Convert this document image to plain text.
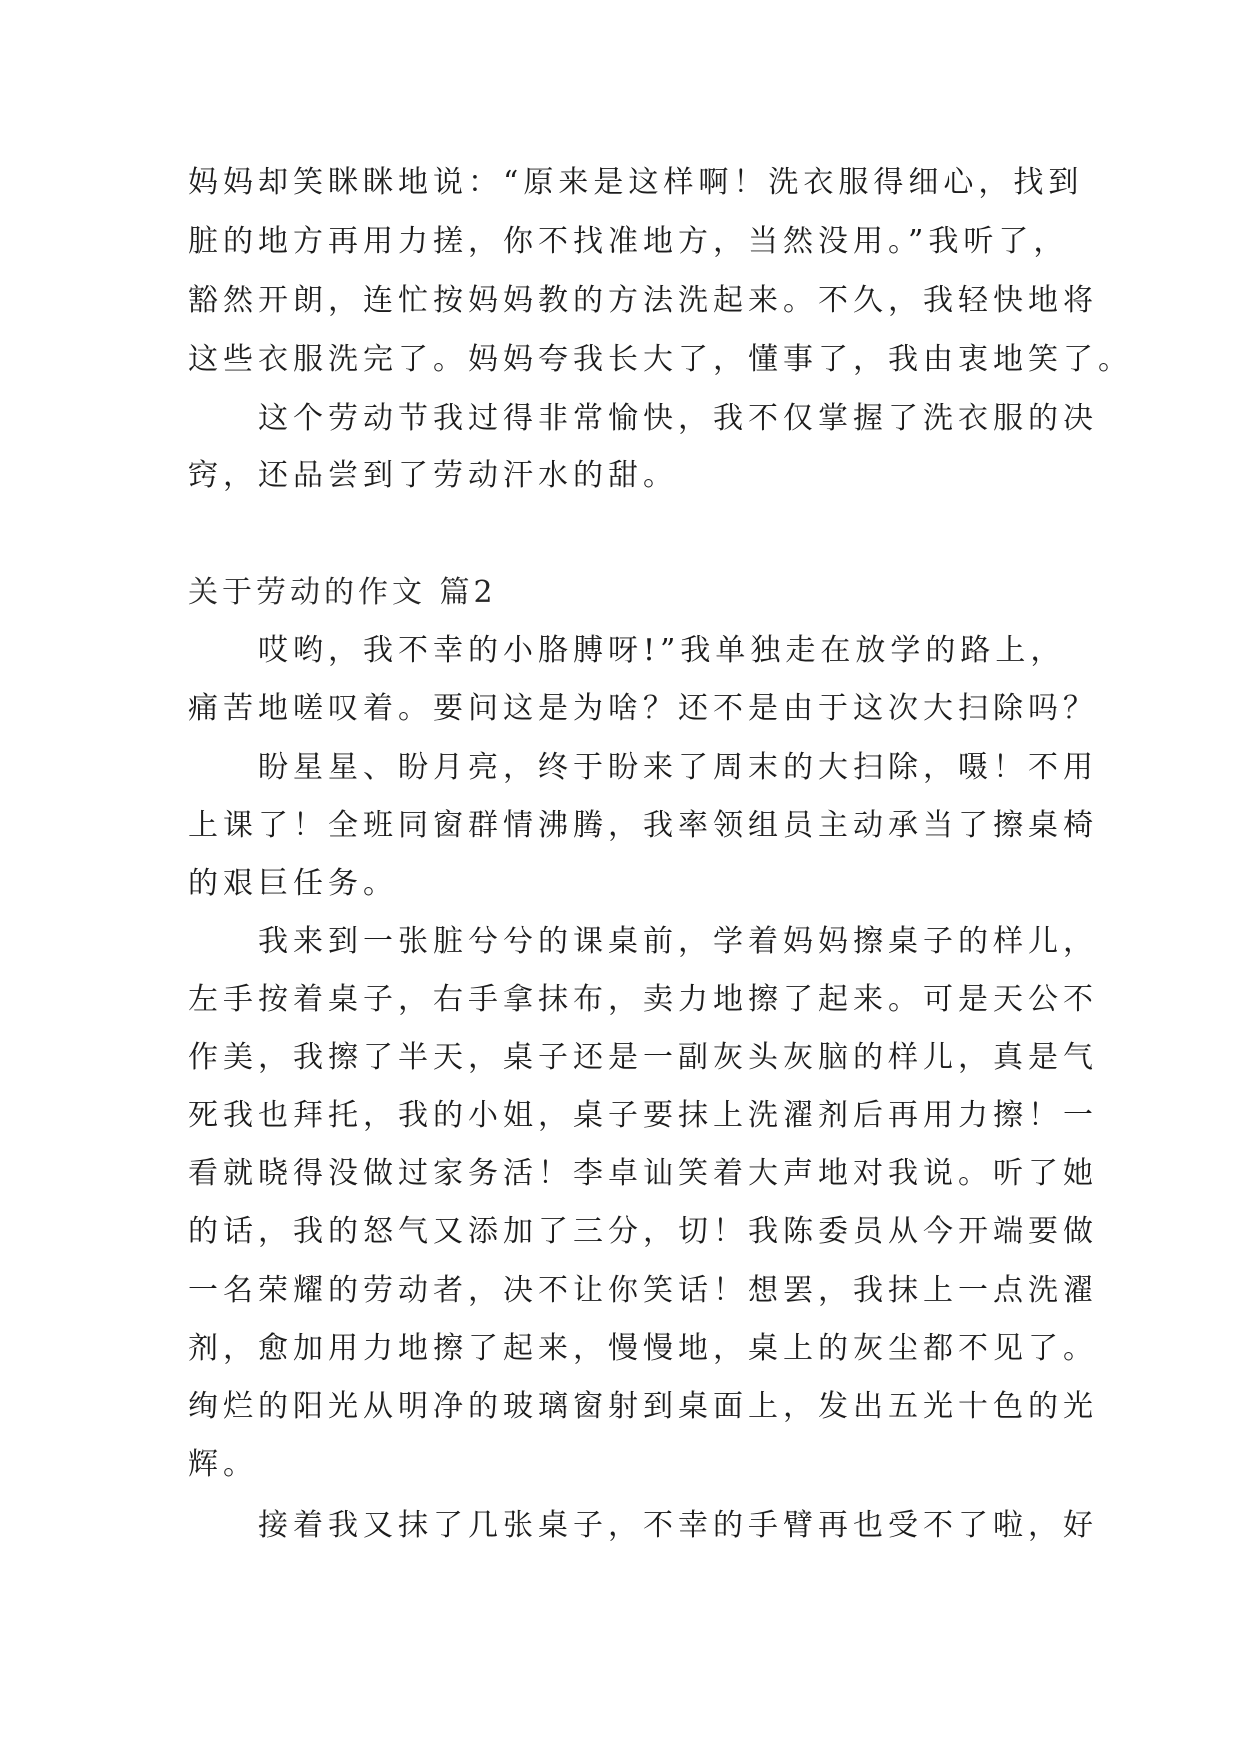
妈妈却笑眯眯地说：“原来是这样啊！洗衣服得细心，找到
脏的地方再用力搓，你不找准地方，当然没用。”我听了，
豁然开朗，连忙按妈妈教的方法洗起来。不久，我轻快地将
这些衣服洗完了。妈妈夸我长大了，懂事了，我由衷地笑了。
这个劳动节我过得非常愉快，我不仅掌握了洗衣服的决
窍，还品尝到了劳动汗水的甜。
关于劳动的作文 篇2
哎哟，我不幸的小胳膊呀!”我单独走在放学的路上，
痛苦地嗟叹着。要问这是为啥？还不是由于这次大扫除吗？
盼星星、盼月亮，终于盼来了周末的大扫除，嗫！不用
上课了！全班同窗群情沸腾，我率领组员主动承当了擦桌椅
的艰巨任务。
我来到一张脏兮兮的课桌前，学着妈妈擦桌子的样儿，
左手按着桌子，右手拿抹布，卖力地擦了起来。可是天公不
作美，我擦了半天，桌子还是一副灰头灰脑的样儿，真是气
死我也拜托，我的小姐，桌子要抹上洗濯剂后再用力擦！一
看就晓得没做过家务活！李卓讪笑着大声地对我说。听了她
的话，我的怒气又添加了三分，切！我陈委员从今开端要做
一名荣耀的劳动者，决不让你笑话！想罢，我抹上一点洗濯
剂，愈加用力地擦了起来，慢慢地，桌上的灰尘都不见了。
绚烂的阳光从明净的玻璃窗射到桌面上，发出五光十色的光
辉。
接着我又抹了几张桌子，不幸的手臂再也受不了啦，好
